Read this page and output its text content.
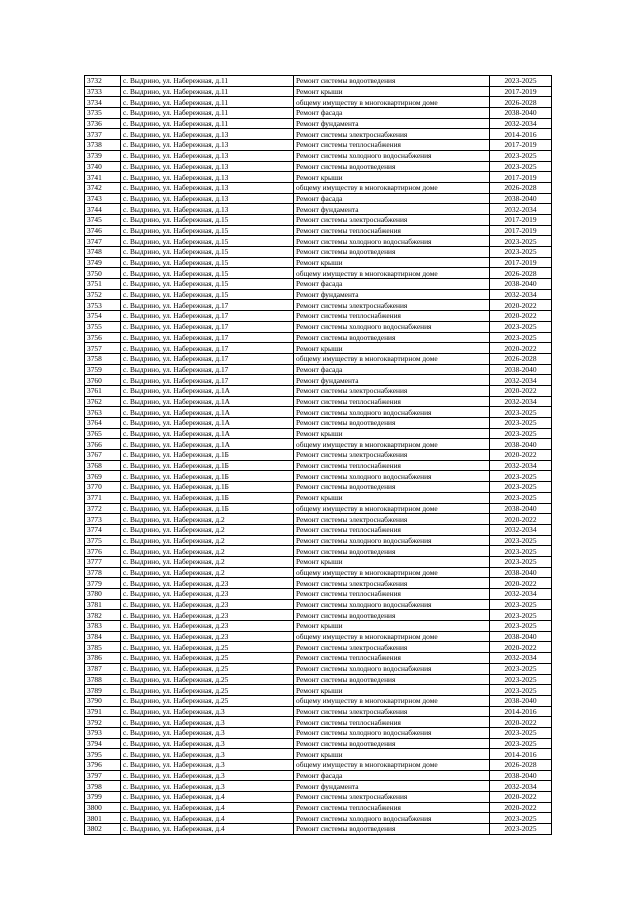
3732	с. Выдрино, ул. Набережная, д.11	Ремонт системы водоотведения	2023-2025
3733	с. Выдрино, ул. Набережная, д.11	Ремонт крыши	2017-2019
3734	с. Выдрино, ул. Набережная, д.11	общему имуществу в многоквартирном доме	2026-2028
3735	с. Выдрино, ул. Набережная, д.11	Ремонт фасада	2038-2040
3736	с. Выдрино, ул. Набережная, д.11	Ремонт фундамента	2032-2034
3737	с. Выдрино, ул. Набережная, д.13	Ремонт системы электроснабжения	2014-2016
3738	с. Выдрино, ул. Набережная, д.13	Ремонт системы теплоснабжения	2017-2019
3739	с. Выдрино, ул. Набережная, д.13	Ремонт системы холодного водоснабжения	2023-2025
3740	с. Выдрино, ул. Набережная, д.13	Ремонт системы водоотведения	2023-2025
3741	с. Выдрино, ул. Набережная, д.13	Ремонт крыши	2017-2019
3742	с. Выдрино, ул. Набережная, д.13	общему имуществу в многоквартирном доме	2026-2028
3743	с. Выдрино, ул. Набережная, д.13	Ремонт фасада	2038-2040
3744	с. Выдрино, ул. Набережная, д.13	Ремонт фундамента	2032-2034
3745	с. Выдрино, ул. Набережная, д.15	Ремонт системы электроснабжения	2017-2019
3746	с. Выдрино, ул. Набережная, д.15	Ремонт системы теплоснабжения	2017-2019
3747	с. Выдрино, ул. Набережная, д.15	Ремонт системы холодного водоснабжения	2023-2025
3748	с. Выдрино, ул. Набережная, д.15	Ремонт системы водоотведения	2023-2025
3749	с. Выдрино, ул. Набережная, д.15	Ремонт крыши	2017-2019
3750	с. Выдрино, ул. Набережная, д.15	общему имуществу в многоквартирном доме	2026-2028
3751	с. Выдрино, ул. Набережная, д.15	Ремонт фасада	2038-2040
3752	с. Выдрино, ул. Набережная, д.15	Ремонт фундамента	2032-2034
3753	с. Выдрино, ул. Набережная, д.17	Ремонт системы электроснабжения	2020-2022
3754	с. Выдрино, ул. Набережная, д.17	Ремонт системы теплоснабжения	2020-2022
3755	с. Выдрино, ул. Набережная, д.17	Ремонт системы холодного водоснабжения	2023-2025
3756	с. Выдрино, ул. Набережная, д.17	Ремонт системы водоотведения	2023-2025
3757	с. Выдрино, ул. Набережная, д.17	Ремонт крыши	2020-2022
3758	с. Выдрино, ул. Набережная, д.17	общему имуществу в многоквартирном доме	2026-2028
3759	с. Выдрино, ул. Набережная, д.17	Ремонт фасада	2038-2040
3760	с. Выдрино, ул. Набережная, д.17	Ремонт фундамента	2032-2034
3761	с. Выдрино, ул. Набережная, д.1А	Ремонт системы электроснабжения	2020-2022
3762	с. Выдрино, ул. Набережная, д.1А	Ремонт системы теплоснабжения	2032-2034
3763	с. Выдрино, ул. Набережная, д.1А	Ремонт системы холодного водоснабжения	2023-2025
3764	с. Выдрино, ул. Набережная, д.1А	Ремонт системы водоотведения	2023-2025
3765	с. Выдрино, ул. Набережная, д.1А	Ремонт крыши	2023-2025
3766	с. Выдрино, ул. Набережная, д.1А	общему имуществу в многоквартирном доме	2038-2040
3767	с. Выдрино, ул. Набережная, д.1Б	Ремонт системы электроснабжения	2020-2022
3768	с. Выдрино, ул. Набережная, д.1Б	Ремонт системы теплоснабжения	2032-2034
3769	с. Выдрино, ул. Набережная, д.1Б	Ремонт системы холодного водоснабжения	2023-2025
3770	с. Выдрино, ул. Набережная, д.1Б	Ремонт системы водоотведения	2023-2025
3771	с. Выдрино, ул. Набережная, д.1Б	Ремонт крыши	2023-2025
3772	с. Выдрино, ул. Набережная, д.1Б	общему имуществу в многоквартирном доме	2038-2040
3773	с. Выдрино, ул. Набережная, д.2	Ремонт системы электроснабжения	2020-2022
3774	с. Выдрино, ул. Набережная, д.2	Ремонт системы теплоснабжения	2032-2034
3775	с. Выдрино, ул. Набережная, д.2	Ремонт системы холодного водоснабжения	2023-2025
3776	с. Выдрино, ул. Набережная, д.2	Ремонт системы водоотведения	2023-2025
3777	с. Выдрино, ул. Набережная, д.2	Ремонт крыши	2023-2025
3778	с. Выдрино, ул. Набережная, д.2	общему имуществу в многоквартирном доме	2038-2040
3779	с. Выдрино, ул. Набережная, д.23	Ремонт системы электроснабжения	2020-2022
3780	с. Выдрино, ул. Набережная, д.23	Ремонт системы теплоснабжения	2032-2034
3781	с. Выдрино, ул. Набережная, д.23	Ремонт системы холодного водоснабжения	2023-2025
3782	с. Выдрино, ул. Набережная, д.23	Ремонт системы водоотведения	2023-2025
3783	с. Выдрино, ул. Набережная, д.23	Ремонт крыши	2023-2025
3784	с. Выдрино, ул. Набережная, д.23	общему имуществу в многоквартирном доме	2038-2040
3785	с. Выдрино, ул. Набережная, д.25	Ремонт системы электроснабжения	2020-2022
3786	с. Выдрино, ул. Набережная, д.25	Ремонт системы теплоснабжения	2032-2034
3787	с. Выдрино, ул. Набережная, д.25	Ремонт системы холодного водоснабжения	2023-2025
3788	с. Выдрино, ул. Набережная, д.25	Ремонт системы водоотведения	2023-2025
3789	с. Выдрино, ул. Набережная, д.25	Ремонт крыши	2023-2025
3790	с. Выдрино, ул. Набережная, д.25	общему имуществу в многоквартирном доме	2038-2040
3791	с. Выдрино, ул. Набережная, д.3	Ремонт системы электроснабжения	2014-2016
3792	с. Выдрино, ул. Набережная, д.3	Ремонт системы теплоснабжения	2020-2022
3793	с. Выдрино, ул. Набережная, д.3	Ремонт системы холодного водоснабжения	2023-2025
3794	с. Выдрино, ул. Набережная, д.3	Ремонт системы водоотведения	2023-2025
3795	с. Выдрино, ул. Набережная, д.3	Ремонт крыши	2014-2016
3796	с. Выдрино, ул. Набережная, д.3	общему имуществу в многоквартирном доме	2026-2028
3797	с. Выдрино, ул. Набережная, д.3	Ремонт фасада	2038-2040
3798	с. Выдрино, ул. Набережная, д.3	Ремонт фундамента	2032-2034
3799	с. Выдрино, ул. Набережная, д.4	Ремонт системы электроснабжения	2020-2022
3800	с. Выдрино, ул. Набережная, д.4	Ремонт системы теплоснабжения	2020-2022
3801	с. Выдрино, ул. Набережная, д.4	Ремонт системы холодного водоснабжения	2023-2025
3802	с. Выдрино, ул. Набережная, д.4	Ремонт системы водоотведения	2023-2025
